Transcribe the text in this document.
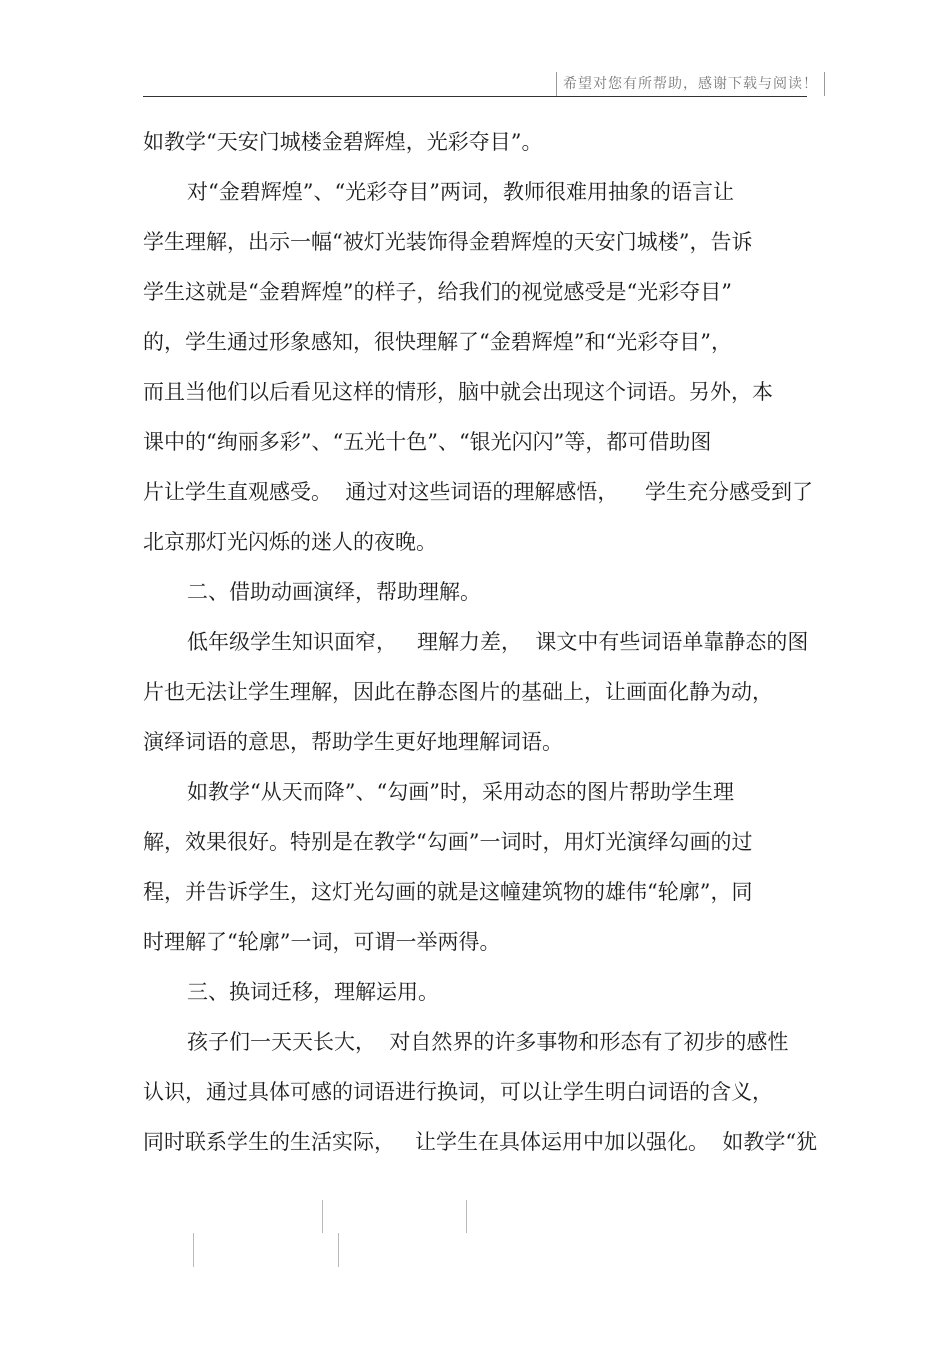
希望对您有所帮助，感谢下载与阅读！
如教学“天安门城楼金碧辉煌，光彩夺目”。
对“金碧辉煌”、“光彩夺目”两词，教师很难用抽象的语言让
学生理解，出示一幅“被灯光装饰得金碧辉煌的天安门城楼”，告诉
学生这就是“金碧辉煌”的样子，给我们的视觉感受是“光彩夺目”
的，学生通过形象感知，很快理解了“金碧辉煌”和“光彩夺目”，
而且当他们以后看见这样的情形，脑中就会出现这个词语。另外，本
课中的“绚丽多彩”、“五光十色”、“银光闪闪”等，都可借助图
片让学生直观感受。  通过对这些词语的理解感悟，    学生充分感受到了
北京那灯光闪烁的迷人的夜晚。
二、借助动画演绎，帮助理解。
低年级学生知识面窄，   理解力差，  课文中有些词语单靠静态的图
片也无法让学生理解，因此在静态图片的基础上，让画面化静为动，
演绎词语的意思，帮助学生更好地理解词语。
如教学“从天而降”、“勾画”时，采用动态的图片帮助学生理
解，效果很好。特别是在教学“勾画”一词时，用灯光演绎勾画的过
程，并告诉学生，这灯光勾画的就是这幢建筑物的雄伟“轮廓”，同
时理解了“轮廓”一词，可谓一举两得。
三、换词迁移，理解运用。
孩子们一天天长大，  对自然界的许多事物和形态有了初步的感性
认识，通过具体可感的词语进行换词，可以让学生明白词语的含义，
同时联系学生的生活实际，   让学生在具体运用中加以强化。  如教学“犹
